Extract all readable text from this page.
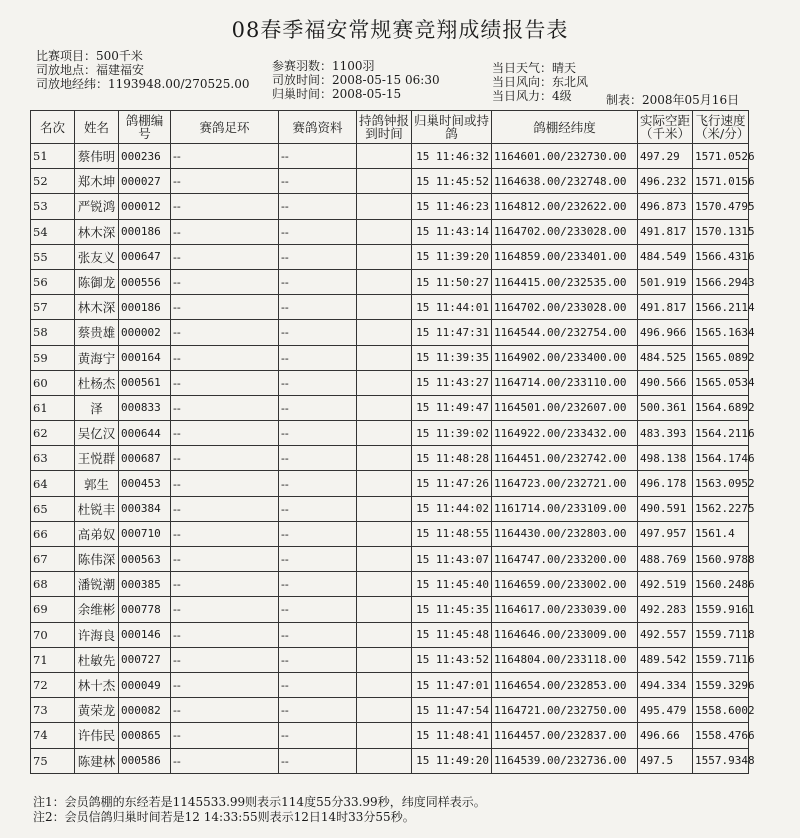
08春季福安常规赛竞翔成绩报告表
比赛项目：500千米
司放地点：福建福安
司放地经纬：1193948.00/270525.00
参赛羽数：1100羽
司放时间：2008-05-15 06:30
归巢时间：2008-05-15
当日天气：晴天
当日风向：东北风
当日风力：4级	制表：2008年05月16日
名次	姓名	鸽棚编号	赛鸽足环	赛鸽资料	持鸽钟报到时间	归巢时间或持鸽	鸽棚经纬度	实际空距（千米）	飞行速度（米/分）
51	蔡伟明	000236	--	--		15 11:46:32	1164601.00/232730.00	497.29	1571.0526
52	郑木坤	000027	--	--		15 11:45:52	1164638.00/232748.00	496.232	1571.0156
53	严锐鸿	000012	--	--		15 11:46:23	1164812.00/232622.00	496.873	1570.4795
54	林木深	000186	--	--		15 11:43:14	1164702.00/233028.00	491.817	1570.1315
55	张友义	000647	--	--		15 11:39:20	1164859.00/233401.00	484.549	1566.4316
56	陈御龙	000556	--	--		15 11:50:27	1164415.00/232535.00	501.919	1566.2943
57	林木深	000186	--	--		15 11:44:01	1164702.00/233028.00	491.817	1566.2114
58	蔡贵雄	000002	--	--		15 11:47:31	1164544.00/232754.00	496.966	1565.1634
59	黄海宁	000164	--	--		15 11:39:35	1164902.00/233400.00	484.525	1565.0892
60	杜杨杰	000561	--	--		15 11:43:27	1164714.00/233110.00	490.566	1565.0534
61	泽	000833	--	--		15 11:49:47	1164501.00/232607.00	500.361	1564.6892
62	吴亿汉	000644	--	--		15 11:39:02	1164922.00/233432.00	483.393	1564.2116
63	王悦群	000687	--	--		15 11:48:28	1164451.00/232742.00	498.138	1564.1746
64	郭生	000453	--	--		15 11:47:26	1164723.00/232721.00	496.178	1563.0952
65	杜锐丰	000384	--	--		15 11:44:02	1161714.00/233109.00	490.591	1562.2275
66	高弟奴	000710	--	--		15 11:48:55	1164430.00/232803.00	497.957	1561.4
67	陈伟深	000563	--	--		15 11:43:07	1164747.00/233200.00	488.769	1560.9788
68	潘锐潮	000385	--	--		15 11:45:40	1164659.00/233002.00	492.519	1560.2486
69	余维彬	000778	--	--		15 11:45:35	1164617.00/233039.00	492.283	1559.9161
70	许海良	000146	--	--		15 11:45:48	1164646.00/233009.00	492.557	1559.7118
71	杜敏先	000727	--	--		15 11:43:52	1164804.00/233118.00	489.542	1559.7116
72	林十杰	000049	--	--		15 11:47:01	1164654.00/232853.00	494.334	1559.3296
73	黄荣龙	000082	--	--		15 11:47:54	1164721.00/232750.00	495.479	1558.6002
74	许伟民	000865	--	--		15 11:48:41	1164457.00/232837.00	496.66	1558.4766
75	陈建林	000586	--	--		15 11:49:20	1164539.00/232736.00	497.5	1557.9348
注1：会员鸽棚的东经若是1145533.99则表示114度55分33.99秒，纬度同样表示。
注2：会员信鸽归巢时间若是12 14:33:55则表示12日14时33分55秒。
